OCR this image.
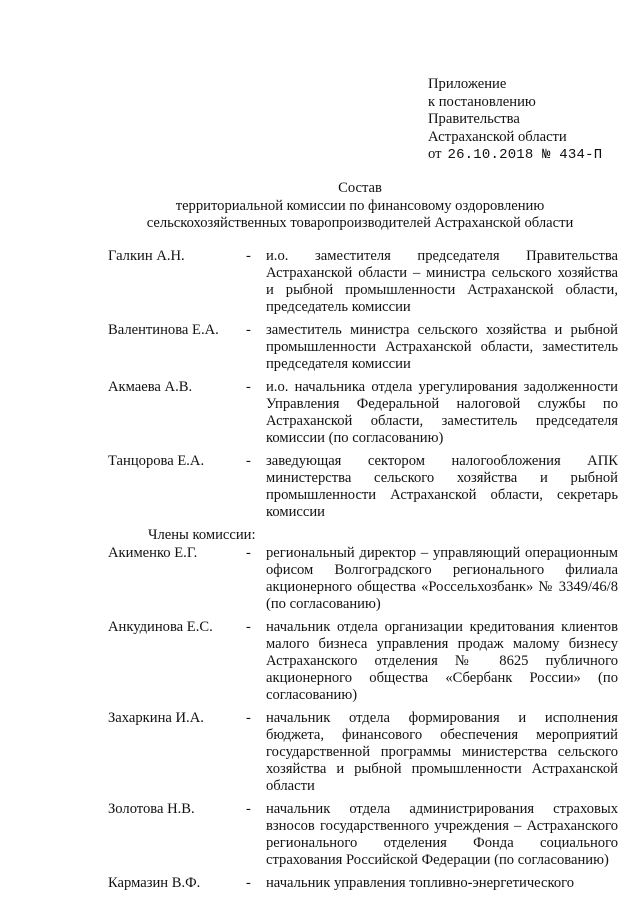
Приложение
к постановлению
Правительства
Астраханской области
от 26.10.2018 № 434-П
Состав
территориальной комиссии по финансовому оздоровлению
сельскохозяйственных товаропроизводителей Астраханской области
Галкин А.Н.	-	и.о. заместителя председателя Правительства Астраханской области – министра сельского хозяйства и рыбной промышленности Астраханской области, председатель комиссии
Валентинова Е.А.	-	заместитель министра сельского хозяйства и рыбной промышленности Астраханской области, заместитель председателя комиссии
Акмаева А.В.	-	и.о. начальника отдела урегулирования задолженности Управления Федеральной налоговой службы по Астраханской области, заместитель председателя комиссии (по согласованию)
Танцорова Е.А.	-	заведующая сектором налогообложения АПК министерства сельского хозяйства и рыбной промышленности Астраханской области, секретарь комиссии
Члены комиссии:
Акименко Е.Г.	-	региональный директор – управляющий операционным офисом Волгоградского регионального филиала акционерного общества «Россельхозбанк» № 3349/46/8 (по согласованию)
Анкудинова Е.С.	-	начальник отдела организации кредитования клиентов малого бизнеса управления продаж малому бизнесу Астраханского отделения № 8625 публичного акционерного общества «Сбербанк России» (по согласованию)
Захаркина И.А.	-	начальник отдела формирования и исполнения бюджета, финансового обеспечения мероприятий государственной программы министерства сельского хозяйства и рыбной промышленности Астраханской области
Золотова Н.В.	-	начальник отдела администрирования страховых взносов государственного учреждения – Астраханского регионального отделения Фонда социального страхования Российской Федерации (по согласованию)
Кармазин В.Ф.	-	начальник управления топливно-энергетического
